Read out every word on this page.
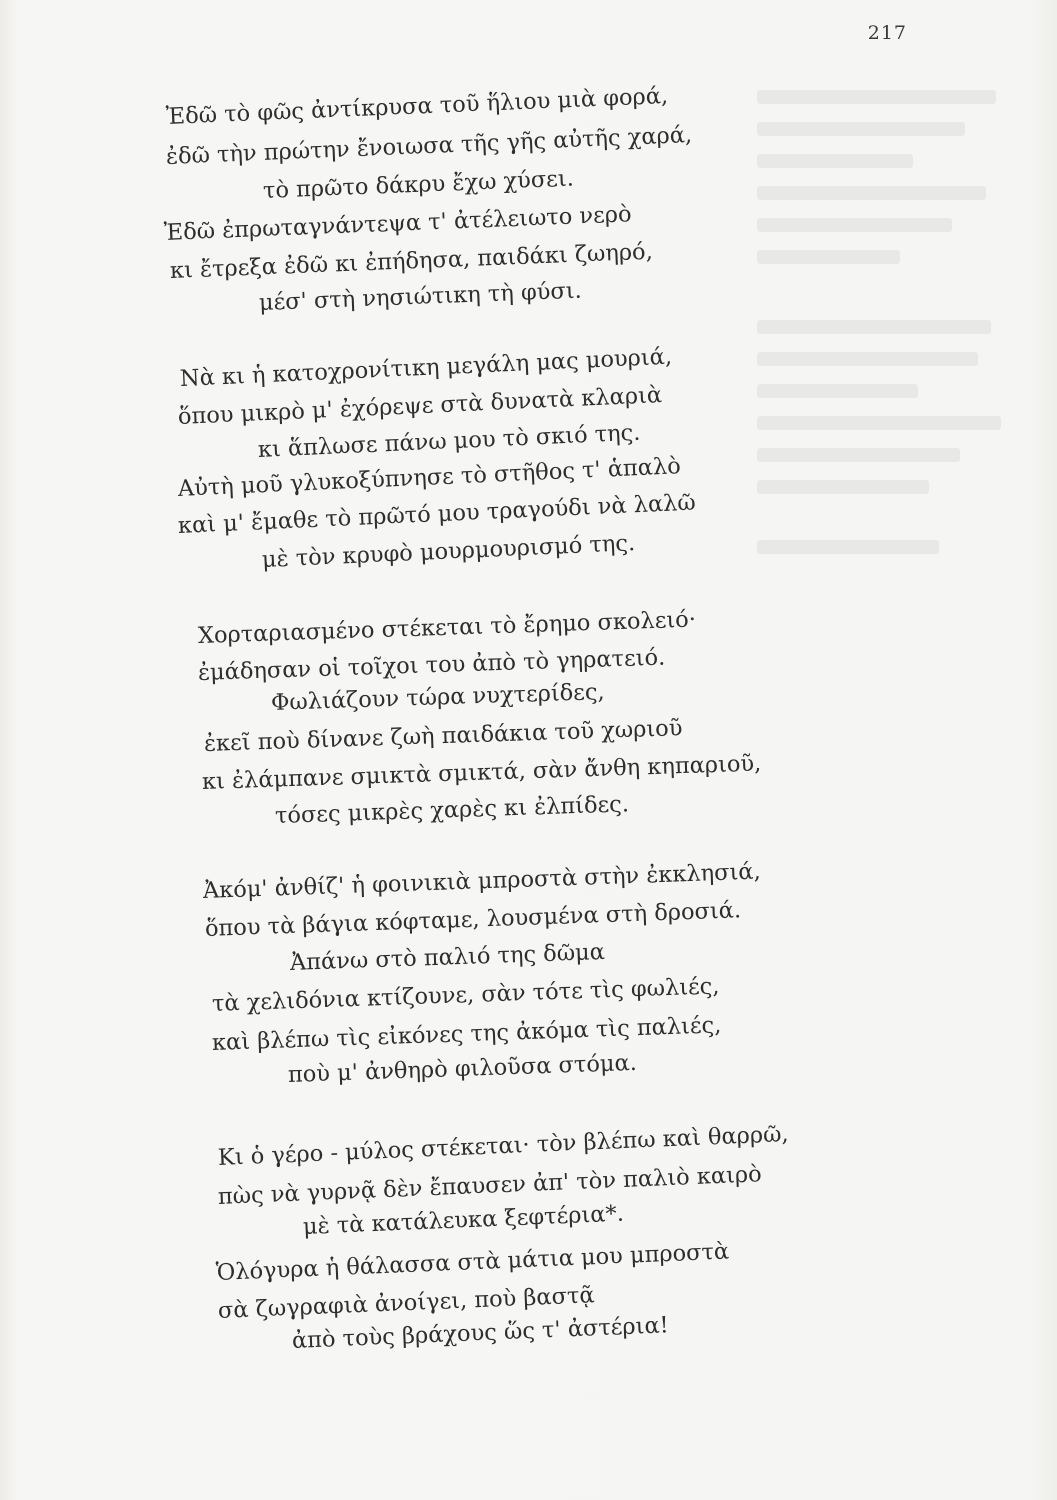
217
Ἐδῶ τὸ φῶς ἀντίκρυσα τοῦ ἥλιου μιὰ φορά,
ἐδῶ τὴν πρώτην ἔνοιωσα τῆς γῆς αὐτῆς χαρά,
τὸ πρῶτο δάκρυ ἔχω χύσει.
Ἐδῶ ἐπρωταγνάντεψα τ' ἀτέλειωτο νερὸ
κι ἔτρεξα ἐδῶ κι ἐπήδησα, παιδάκι ζωηρό,
μέσ' στὴ νησιώτικη τὴ φύσι.
Νὰ κι ἡ κατοχρονίτικη μεγάλη μας μουριά,
ὅπου μικρὸ μ' ἐχόρεψε στὰ δυνατὰ κλαριὰ
κι ἅπλωσε πάνω μου τὸ σκιό της.
Αὐτὴ μοῦ γλυκοξύπνησε τὸ στῆθος τ' ἁπαλὸ
καὶ μ' ἔμαθε τὸ πρῶτό μου τραγούδι νὰ λαλῶ
μὲ τὸν κρυφὸ μουρμουρισμό της.
Χορταριασμένο στέκεται τὸ ἔρημο σκολειό·
ἐμάδησαν οἱ τοῖχοι του ἀπὸ τὸ γηρατειό.
Φωλιάζουν τώρα νυχτερίδες,
ἐκεῖ ποὺ δίνανε ζωὴ παιδάκια τοῦ χωριοῦ
κι ἐλάμπανε σμικτὰ σμικτά, σὰν ἄνθη κηπαριοῦ,
τόσες μικρὲς χαρὲς κι ἐλπίδες.
Ἀκόμ' ἀνθίζ' ἡ φοινικιὰ μπροστὰ στὴν ἐκκλησιά,
ὅπου τὰ βάγια κόφταμε, λουσμένα στὴ δροσιά.
Ἀπάνω στὸ παλιό της δῶμα
τὰ χελιδόνια κτίζουνε, σὰν τότε τὶς φωλιές,
καὶ βλέπω τὶς εἰκόνες της ἀκόμα τὶς παλιές,
ποὺ μ' ἀνθηρὸ φιλοῦσα στόμα.
Κι ὁ γέρο - μύλος στέκεται· τὸν βλέπω καὶ θαρρῶ,
πὼς νὰ γυρνᾷ δὲν ἔπαυσεν ἀπ' τὸν παλιὸ καιρὸ
μὲ τὰ κατάλευκα ξεφτέρια*.
Ὁλόγυρα ἡ θάλασσα στὰ μάτια μου μπροστὰ
σὰ ζωγραφιὰ ἀνοίγει, ποὺ βαστᾷ
ἀπὸ τοὺς βράχους ὥς τ' ἀστέρια!
